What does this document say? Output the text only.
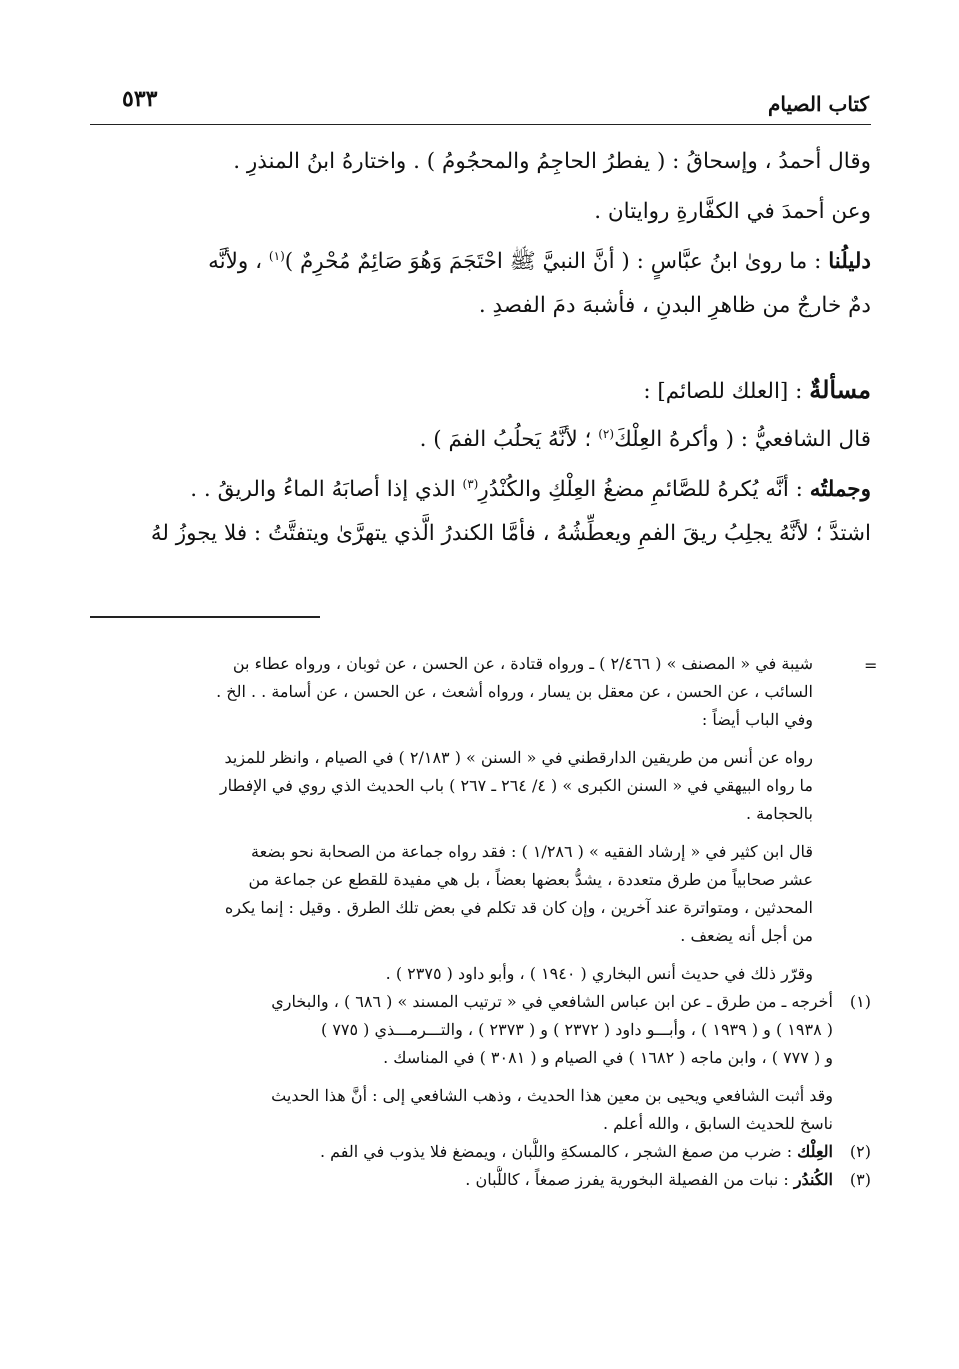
كتاب الصيام
٥٣٣
وقال أحمدُ ، وإسحاقُ : ( يفطرُ الحاجِمُ والمحجُومُ ) . واختارهُ ابنُ المنذرِ .
وعن أحمدَ في الكفَّارةِ روايتان .
دليلُنا : ما روىٰ ابنُ عبَّاسٍ : ( أنَّ النبيَّ ﷺ احْتَجَمَ وَهُوَ صَائِمٌ مُحْرِمٌ )$^{(١)}$ ، ولأنَّه
دمٌ خارجٌ من ظاهرِ البدنِ ، فأشبهَ دمَ الفصدِ .
مسألةٌ : [العلك للصائم] :
قال الشافعيُّ : ( وأكرهُ العِلْكَ$^{(٢)}$ ؛ لأنَّهُ يَحلُبُ الفمَ ) .
وجملتُه : أنَّه يُكرهُ للصَّائمِ مضغُ العِلْكِ والكُنْدُرِ$^{(٣)}$ الذي إذا أصابَهُ الماءُ والريقُ . .
اشتدَّ ؛ لأنَّهُ يجلِبُ ريقَ الفمِ ويعطِّشُهُ ، فأمَّا الكندرُ الَّذي يتهرَّىٰ ويتفتَّتُ : فلا يجوزُ لهُ
=
شيبة في « المصنف » ( ٢/٤٦٦ ) ـ ورواه قتادة ، عن الحسن ، عن ثوبان ، ورواه عطاء بن
السائب ، عن الحسن ، عن معقل بن يسار ، ورواه أشعث ، عن الحسن ، عن أسامة . . الخ .
وفي الباب أيضاً :
رواه عن أنس من طريقين الدارقطني في « السنن » ( ٢/١٨٣ ) في الصيام ، وانظر للمزيد
ما رواه البيهقي في « السنن الكبرى » ( ٤/ ٢٦٤ ـ ٢٦٧ ) باب الحديث الذي روي في الإفطار
بالحجامة .
قال ابن كثير في « إرشاد الفقيه » ( ١/٢٨٦ ) : فقد رواه جماعة من الصحابة نحو بضعة
عشر صحابياً من طرق متعددة ، يشدُّ بعضها بعضاً ، بل هي مفيدة للقطع عن جماعة من
المحدثين ، ومتواترة عند آخرين ، وإن كان قد تكلم في بعض تلك الطرق . وقيل : إنما يكره
من أجل أنه يضعف .
وقرّر ذلك في حديث أنس البخاري ( ١٩٤٠ ) ، وأبو داود ( ٢٣٧٥ ) .
(١)أخرجه ـ من طرق ـ عن ابن عباس الشافعي في « ترتيب المسند » ( ٦٨٦ ) ، والبخاري
( ١٩٣٨ ) و ( ١٩٣٩ ) ، وأبـــو داود ( ٢٣٧٢ ) و ( ٢٣٧٣ ) ، والتـــرمـــذي ( ٧٧٥ )
و ( ٧٧٧ ) ، وابن ماجه ( ١٦٨٢ ) في الصيام و ( ٣٠٨١ ) في المناسك .
وقد أثبت الشافعي ويحيى بن معين هذا الحديث ، وذهب الشافعي إلى : أنَّ هذا الحديث
ناسخ للحديث السابق ، والله أعلم .
(٢)العِلْك : ضرب من صمغ الشجر ، كالمسكةِ واللُّبان ، ويمضغ فلا يذوب في الفم .
(٣)الكُندُر : نبات من الفصيلة البخورية يفرز صمغاً ، كاللُّبان .
